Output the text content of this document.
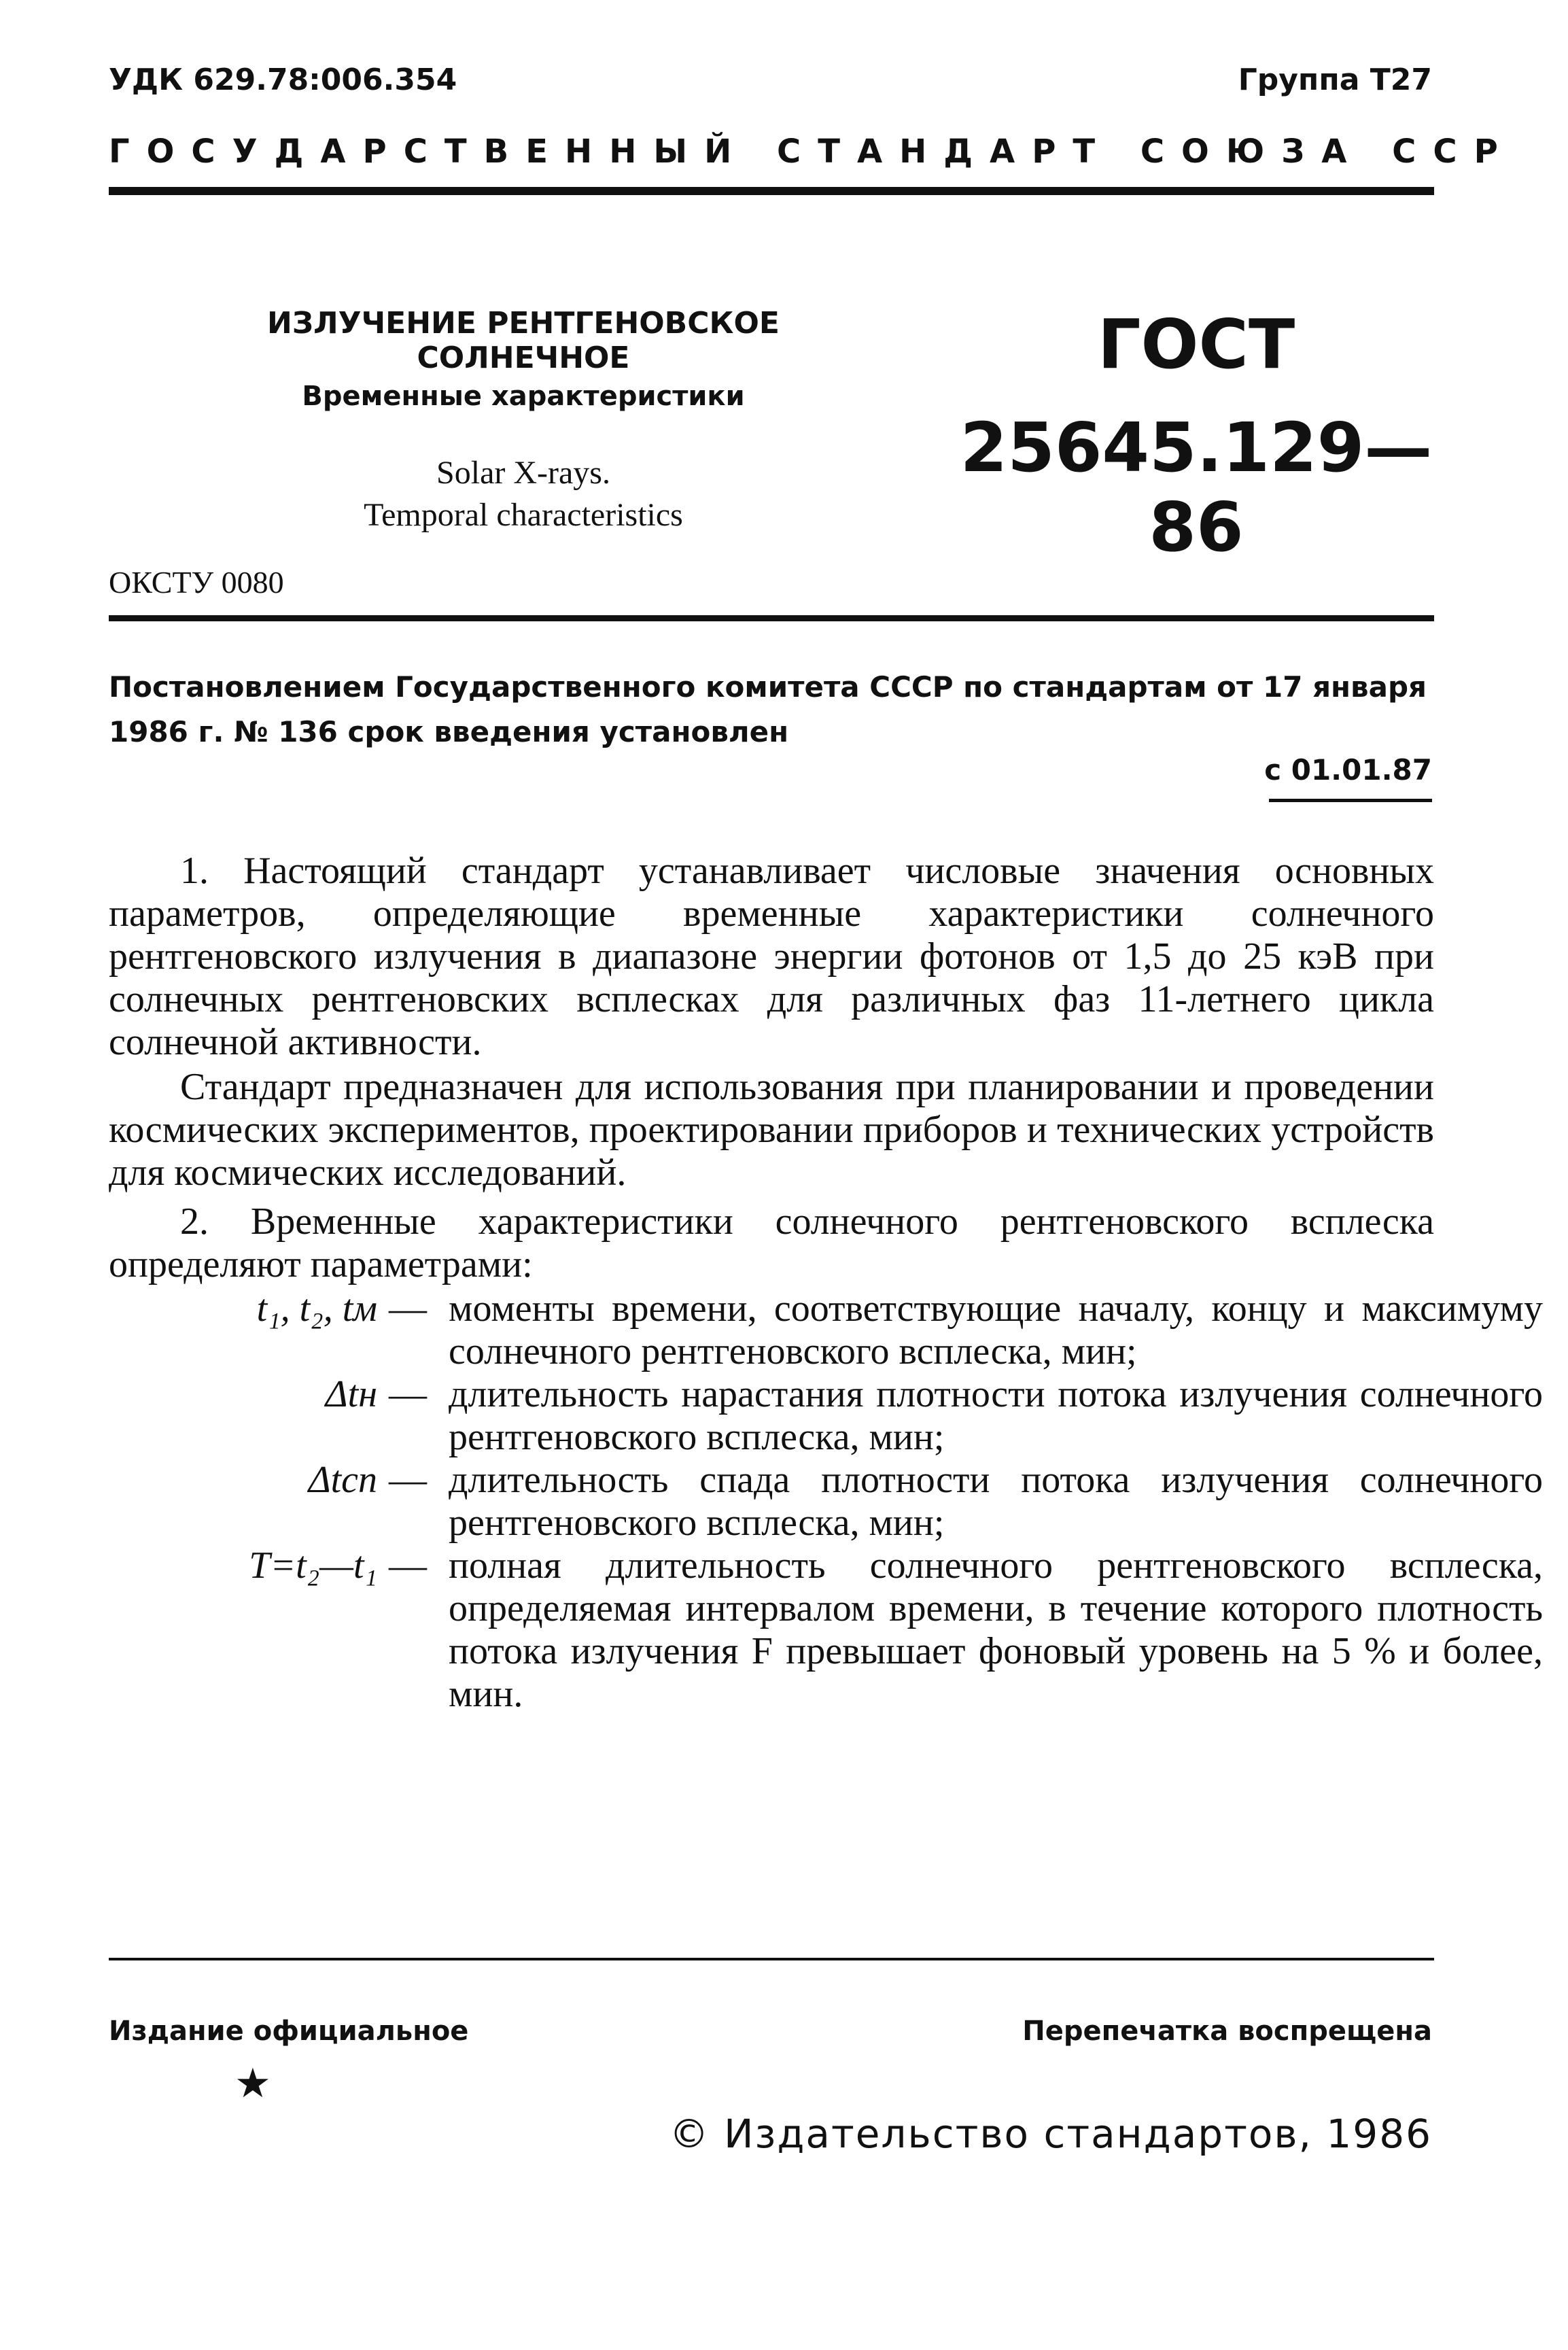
УДК 629.78:006.354	Группа Т27
ГОСУДАРСТВЕННЫЙ СТАНДАРТ СОЮЗА ССР
ИЗЛУЧЕНИЕ РЕНТГЕНОВСКОЕ СОЛНЕЧНОЕ
Временные характеристики
Solar X-rays.
Temporal characteristics
ГОСТ
25645.129—86
ОКСТУ 0080
Постановлением Государственного комитета СССР по стандартам от 17 января 1986 г. № 136 срок введения установлен
с 01.01.87
1. Настоящий стандарт устанавливает числовые значения основных параметров, определяющие временные характеристики солнечного рентгеновского излучения в диапазоне энергии фотонов от 1,5 до 25 кэВ при солнечных рентгеновских всплесках для различных фаз 11-летнего цикла солнечной активности.
Стандарт предназначен для использования при планировании и проведении космических экспериментов, проектировании приборов и технических устройств для космических исследований.
2. Временные характеристики солнечного рентгеновского всплеска определяют параметрами:
t₁, t₂, tм — моменты времени, соответствующие началу, концу и максимуму солнечного рентгеновского всплеска, мин;
Δtн — длительность нарастания плотности потока излучения солнечного рентгеновского всплеска, мин;
Δtсп — длительность спада плотности потока излучения солнечного рентгеновского всплеска, мин;
T=t₂—t₁ — полная длительность солнечного рентгеновского всплеска, определяемая интервалом времени, в течение которого плотность потока излучения F превышает фоновый уровень на 5 % и более, мин.
Издание официальное	Перепечатка воспрещена
★
© Издательство стандартов, 1986
